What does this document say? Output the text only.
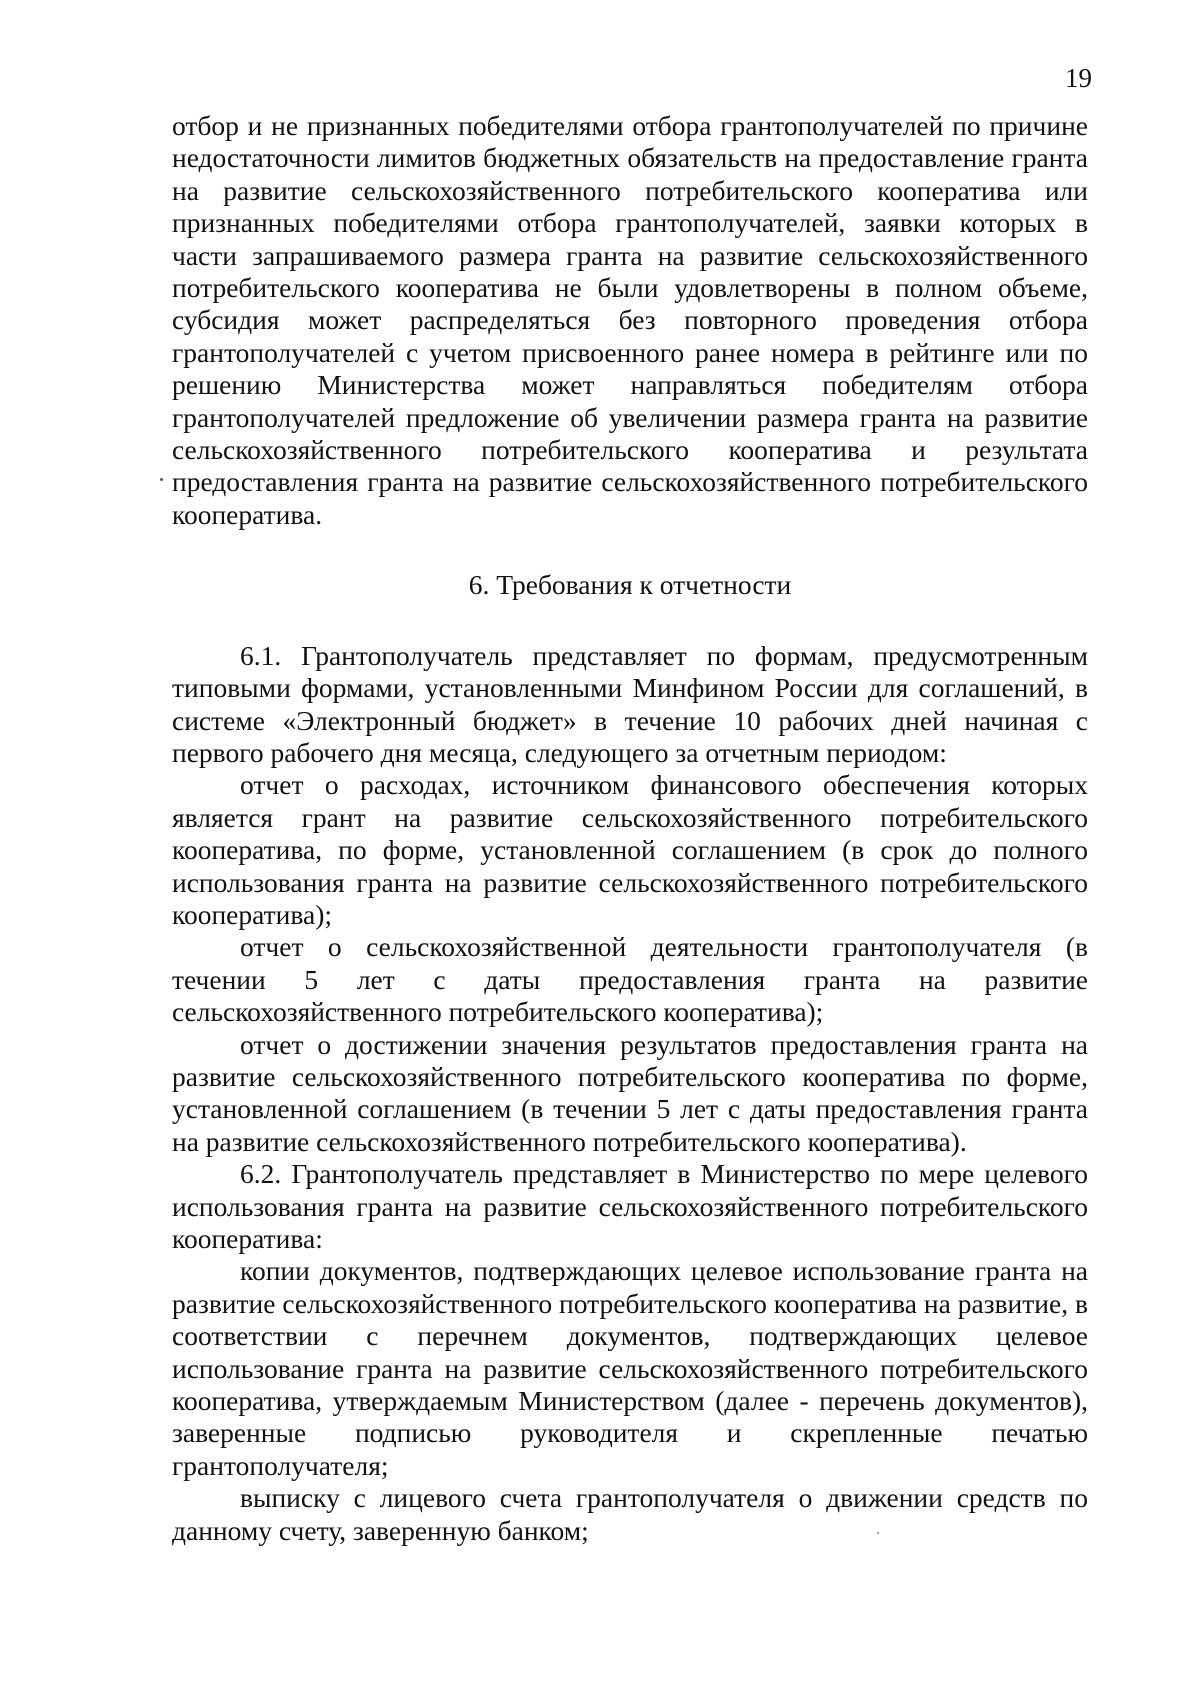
19

отбор и не признанных победителями отбора грантополучателей по причине недостаточности лимитов бюджетных обязательств на предоставление гранта на развитие сельскохозяйственного потребительского кооператива или признанных победителями отбора грантополучателей, заявки которых в части запрашиваемого размера гранта на развитие сельскохозяйственного потребительского кооператива не были удовлетворены в полном объеме, субсидия может распределяться без повторного проведения отбора грантополучателей с учетом присвоенного ранее номера в рейтинге или по решению Министерства может направляться победителям отбора грантополучателей предложение об увеличении размера гранта на развитие сельскохозяйственного потребительского кооператива и результата предоставления гранта на развитие сельскохозяйственного потребительского кооператива.

6. Требования к отчетности

6.1. Грантополучатель представляет по формам, предусмотренным типовыми формами, установленными Минфином России для соглашений, в системе «Электронный бюджет» в течение 10 рабочих дней начиная с первого рабочего дня месяца, следующего за отчетным периодом:

отчет о расходах, источником финансового обеспечения которых является грант на развитие сельскохозяйственного потребительского кооператива, по форме, установленной соглашением (в срок до полного использования гранта на развитие сельскохозяйственного потребительского кооператива);

отчет о сельскохозяйственной деятельности грантополучателя (в течении 5 лет с даты предоставления гранта на развитие сельскохозяйственного потребительского кооператива);

отчет о достижении значения результатов предоставления гранта на развитие сельскохозяйственного потребительского кооператива по форме, установленной соглашением (в течении 5 лет с даты предоставления гранта на развитие сельскохозяйственного потребительского кооператива).

6.2. Грантополучатель представляет в Министерство по мере целевого использования гранта на развитие сельскохозяйственного потребительского кооператива:

копии документов, подтверждающих целевое использование гранта на развитие сельскохозяйственного потребительского кооператива на развитие, в соответствии с перечнем документов, подтверждающих целевое использование гранта на развитие сельскохозяйственного потребительского кооператива, утверждаемым Министерством (далее - перечень документов), заверенные подписью руководителя и скрепленные печатью грантополучателя;

выписку с лицевого счета грантополучателя о движении средств по данному счету, заверенную банком;
